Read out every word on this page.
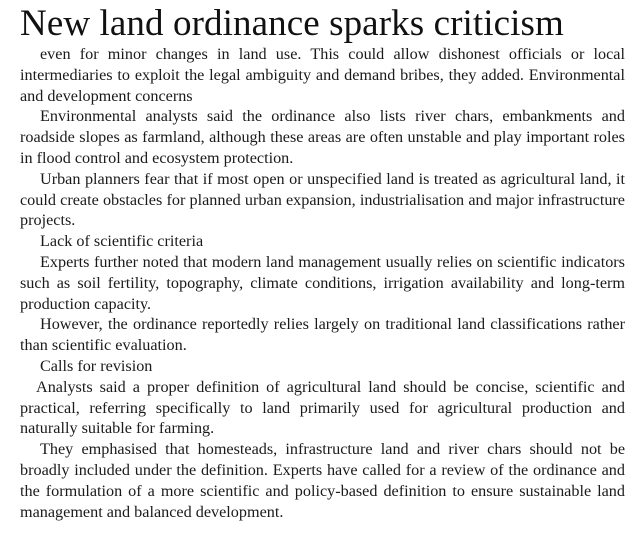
New land ordinance sparks criticism

even for minor changes in land use. This could allow dishonest officials or local intermediaries to exploit the legal ambiguity and demand bribes, they added. Environmental and development concerns

Environmental analysts said the ordinance also lists river chars, embankments and roadside slopes as farmland, although these areas are often unstable and play important roles in flood control and ecosystem protection.

Urban planners fear that if most open or unspecified land is treated as agricultural land, it could create obstacles for planned urban expansion, industrialisation and major infrastructure projects.

Lack of scientific criteria

Experts further noted that modern land management usually relies on scientific indicators such as soil fertility, topography, climate conditions, irrigation availability and long-term production capacity.

However, the ordinance reportedly relies largely on traditional land classifications rather than scientific evaluation.

Calls for revision

Analysts said a proper definition of agricultural land should be concise, scientific and practical, referring specifically to land primarily used for agricultural production and naturally suitable for farming.

They emphasised that homesteads, infrastructure land and river chars should not be broadly included under the definition. Experts have called for a review of the ordinance and the formulation of a more scientific and policy-based definition to ensure sustainable land management and balanced development.
